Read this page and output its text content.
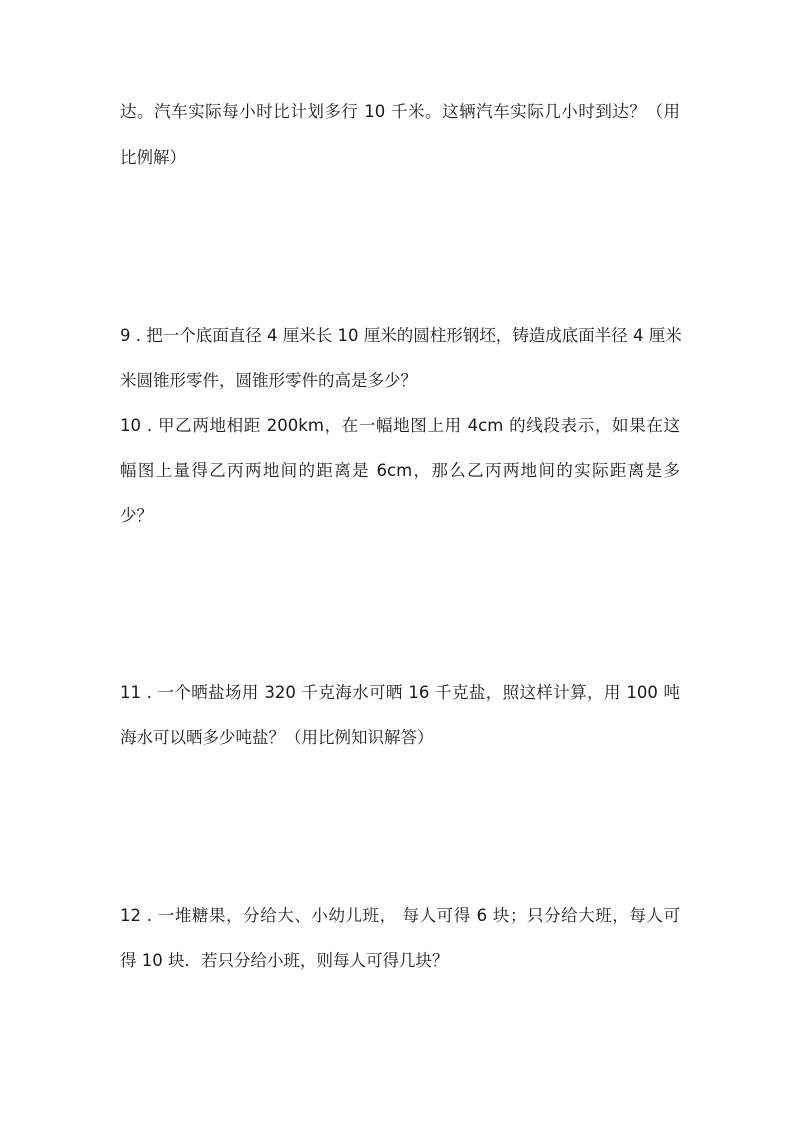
达。汽车实际每小时比计划多行 10 千米。这辆汽车实际几小时到达？（用
比例解）
9 . 把一个底面直径 4 厘米长 10 厘米的圆柱形钢坯，铸造成底面半径 4 厘米
米圆锥形零件，圆锥形零件的高是多少？
10 . 甲乙两地相距 200km，在一幅地图上用 4cm 的线段表示，如果在这
幅图上量得乙丙两地间的距离是 6cm，那么乙丙两地间的实际距离是多
少？
11 . 一个晒盐场用 320 千克海水可晒 16 千克盐，照这样计算，用 100 吨
海水可以晒多少吨盐？（用比例知识解答）
12 . 一堆糖果，分给大、小幼儿班， 每人可得 6 块；只分给大班，每人可
得 10 块．若只分给小班，则每人可得几块？
